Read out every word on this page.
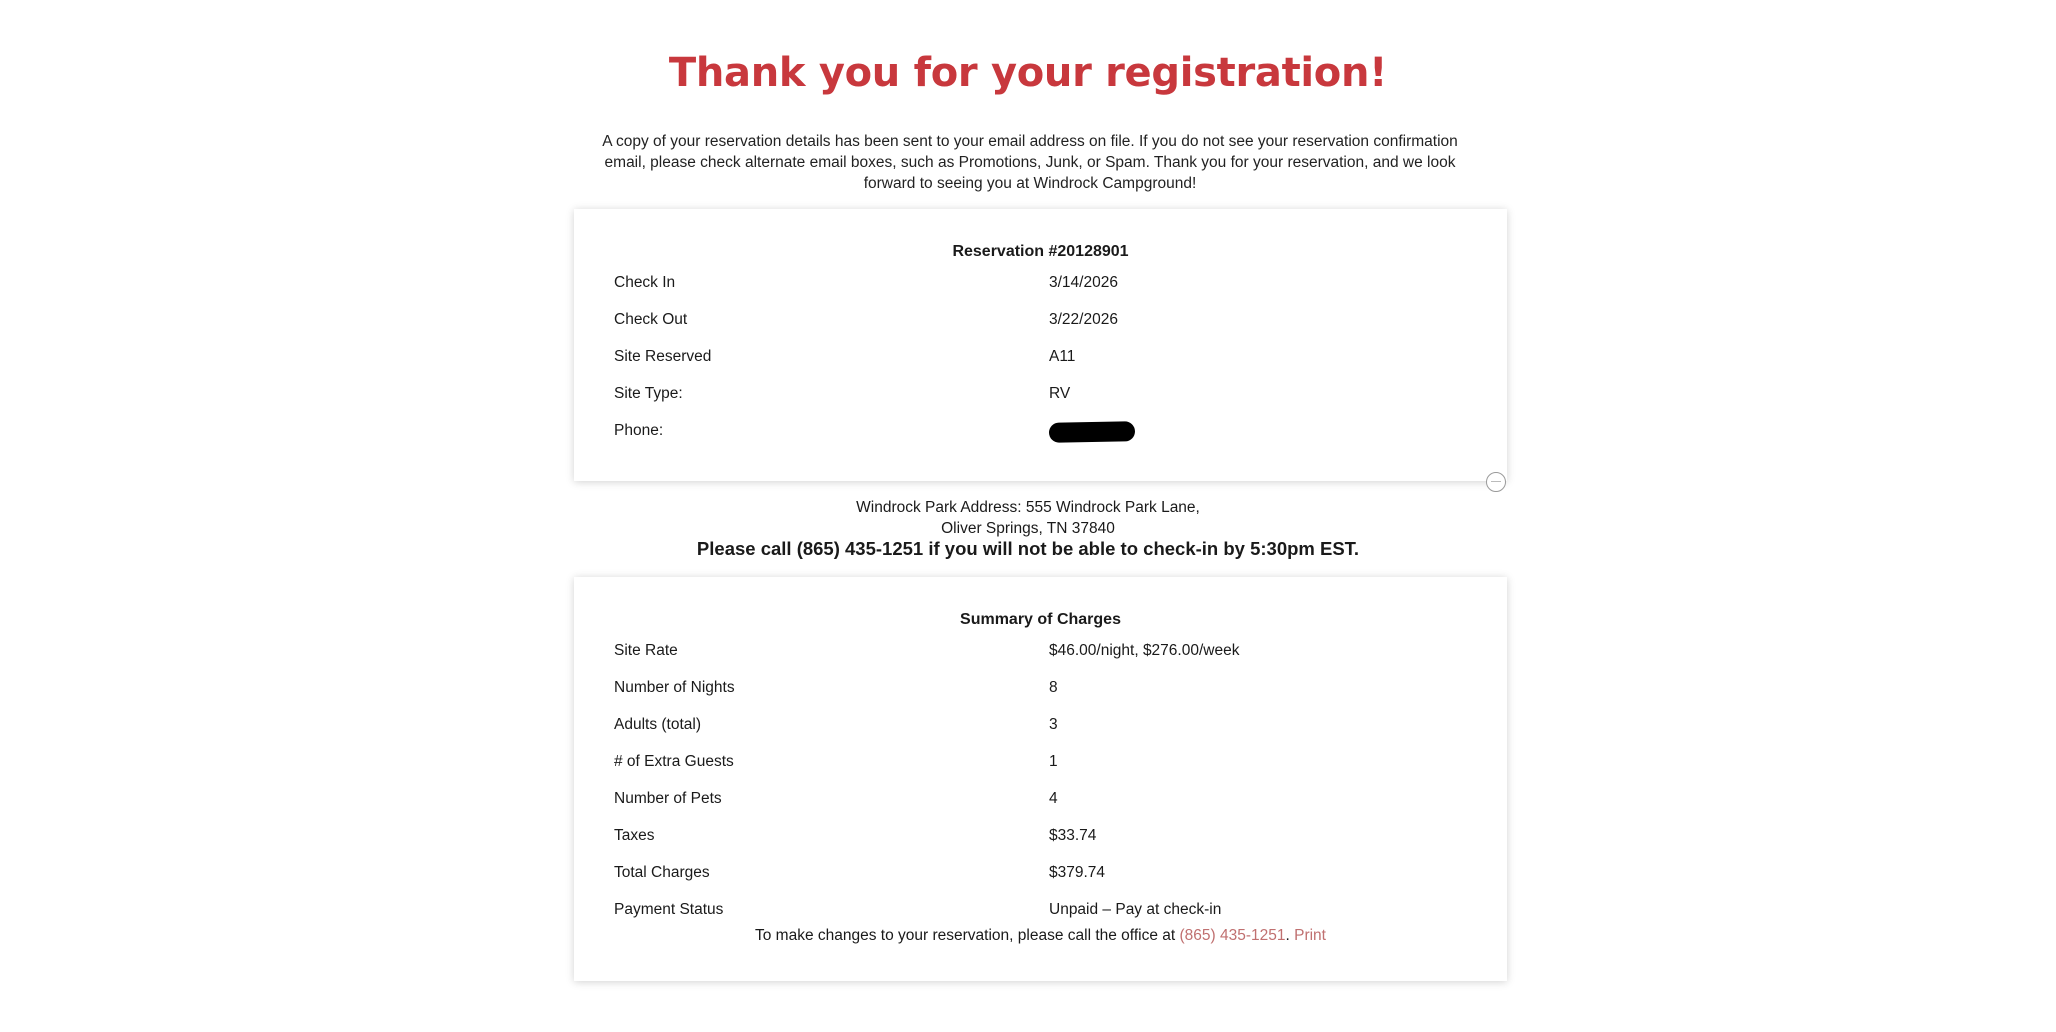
Thank you for your registration!
A copy of your reservation details has been sent to your email address on file. If you do not see your reservation confirmation email, please check alternate email boxes, such as Promotions, Junk, or Spam. Thank you for your reservation, and we look forward to seeing you at Windrock Campground!
Reservation #20128901
Check In	3/14/2026
Check Out	3/22/2026
Site Reserved	A11
Site Type:	RV
Phone:
Windrock Park Address: 555 Windrock Park Lane,
Oliver Springs, TN 37840
Please call (865) 435-1251 if you will not be able to check-in by 5:30pm EST.
Summary of Charges
Site Rate	$46.00/night, $276.00/week
Number of Nights	8
Adults (total)	3
# of Extra Guests	1
Number of Pets	4
Taxes	$33.74
Total Charges	$379.74
Payment Status	Unpaid – Pay at check-in
To make changes to your reservation, please call the office at (865) 435-1251. Print
